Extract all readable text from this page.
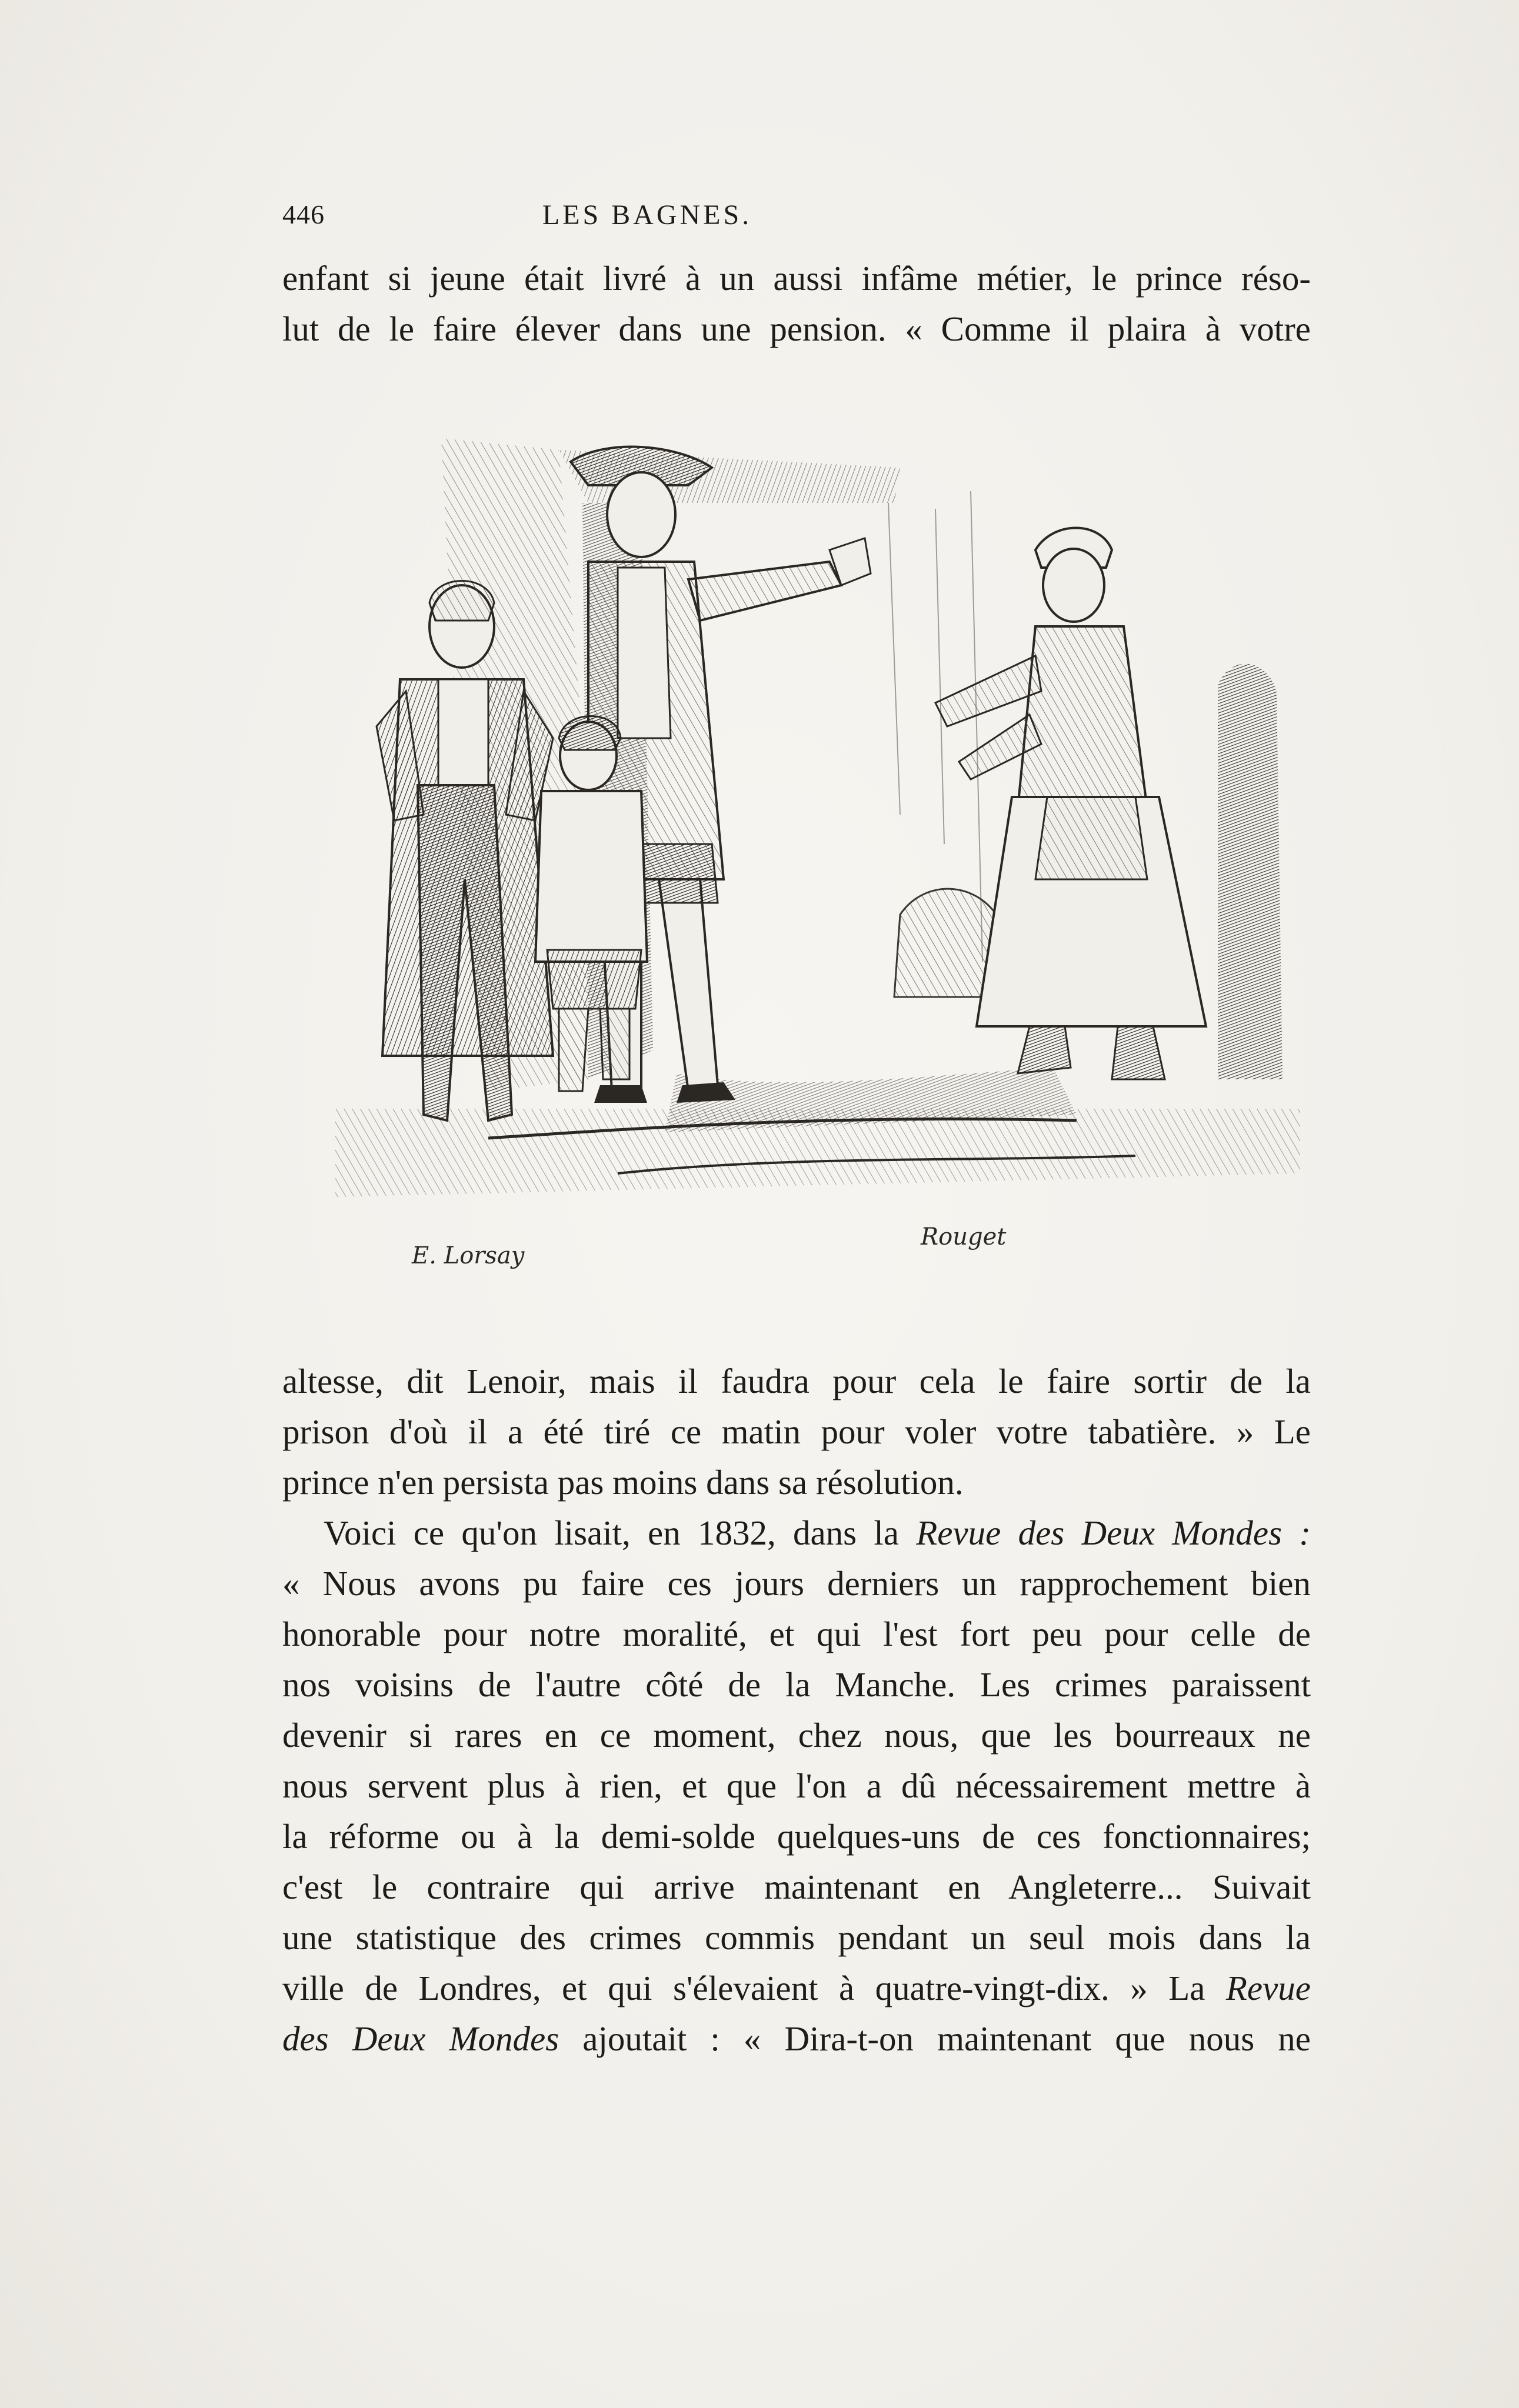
446	LES BAGNES.
enfant si jeune était livré à un aussi infâme métier, le prince réso-
lut de le faire élever dans une pension. « Comme il plaira à votre
E. Lorsay
Rouget
altesse, dit Lenoir, mais il faudra pour cela le faire sortir de la
prison d'où il a été tiré ce matin pour voler votre tabatière. » Le
prince n'en persista pas moins dans sa résolution.
Voici ce qu'on lisait, en 1832, dans la Revue des Deux Mondes :
« Nous avons pu faire ces jours derniers un rapprochement bien
honorable pour notre moralité, et qui l'est fort peu pour celle de
nos voisins de l'autre côté de la Manche. Les crimes paraissent
devenir si rares en ce moment, chez nous, que les bourreaux ne
nous servent plus à rien, et que l'on a dû nécessairement mettre à
la réforme ou à la demi-solde quelques-uns de ces fonctionnaires;
c'est le contraire qui arrive maintenant en Angleterre... Suivait
une statistique des crimes commis pendant un seul mois dans la
ville de Londres, et qui s'élevaient à quatre-vingt-dix. » La Revue
des Deux Mondes ajoutait : « Dira-t-on maintenant que nous ne
